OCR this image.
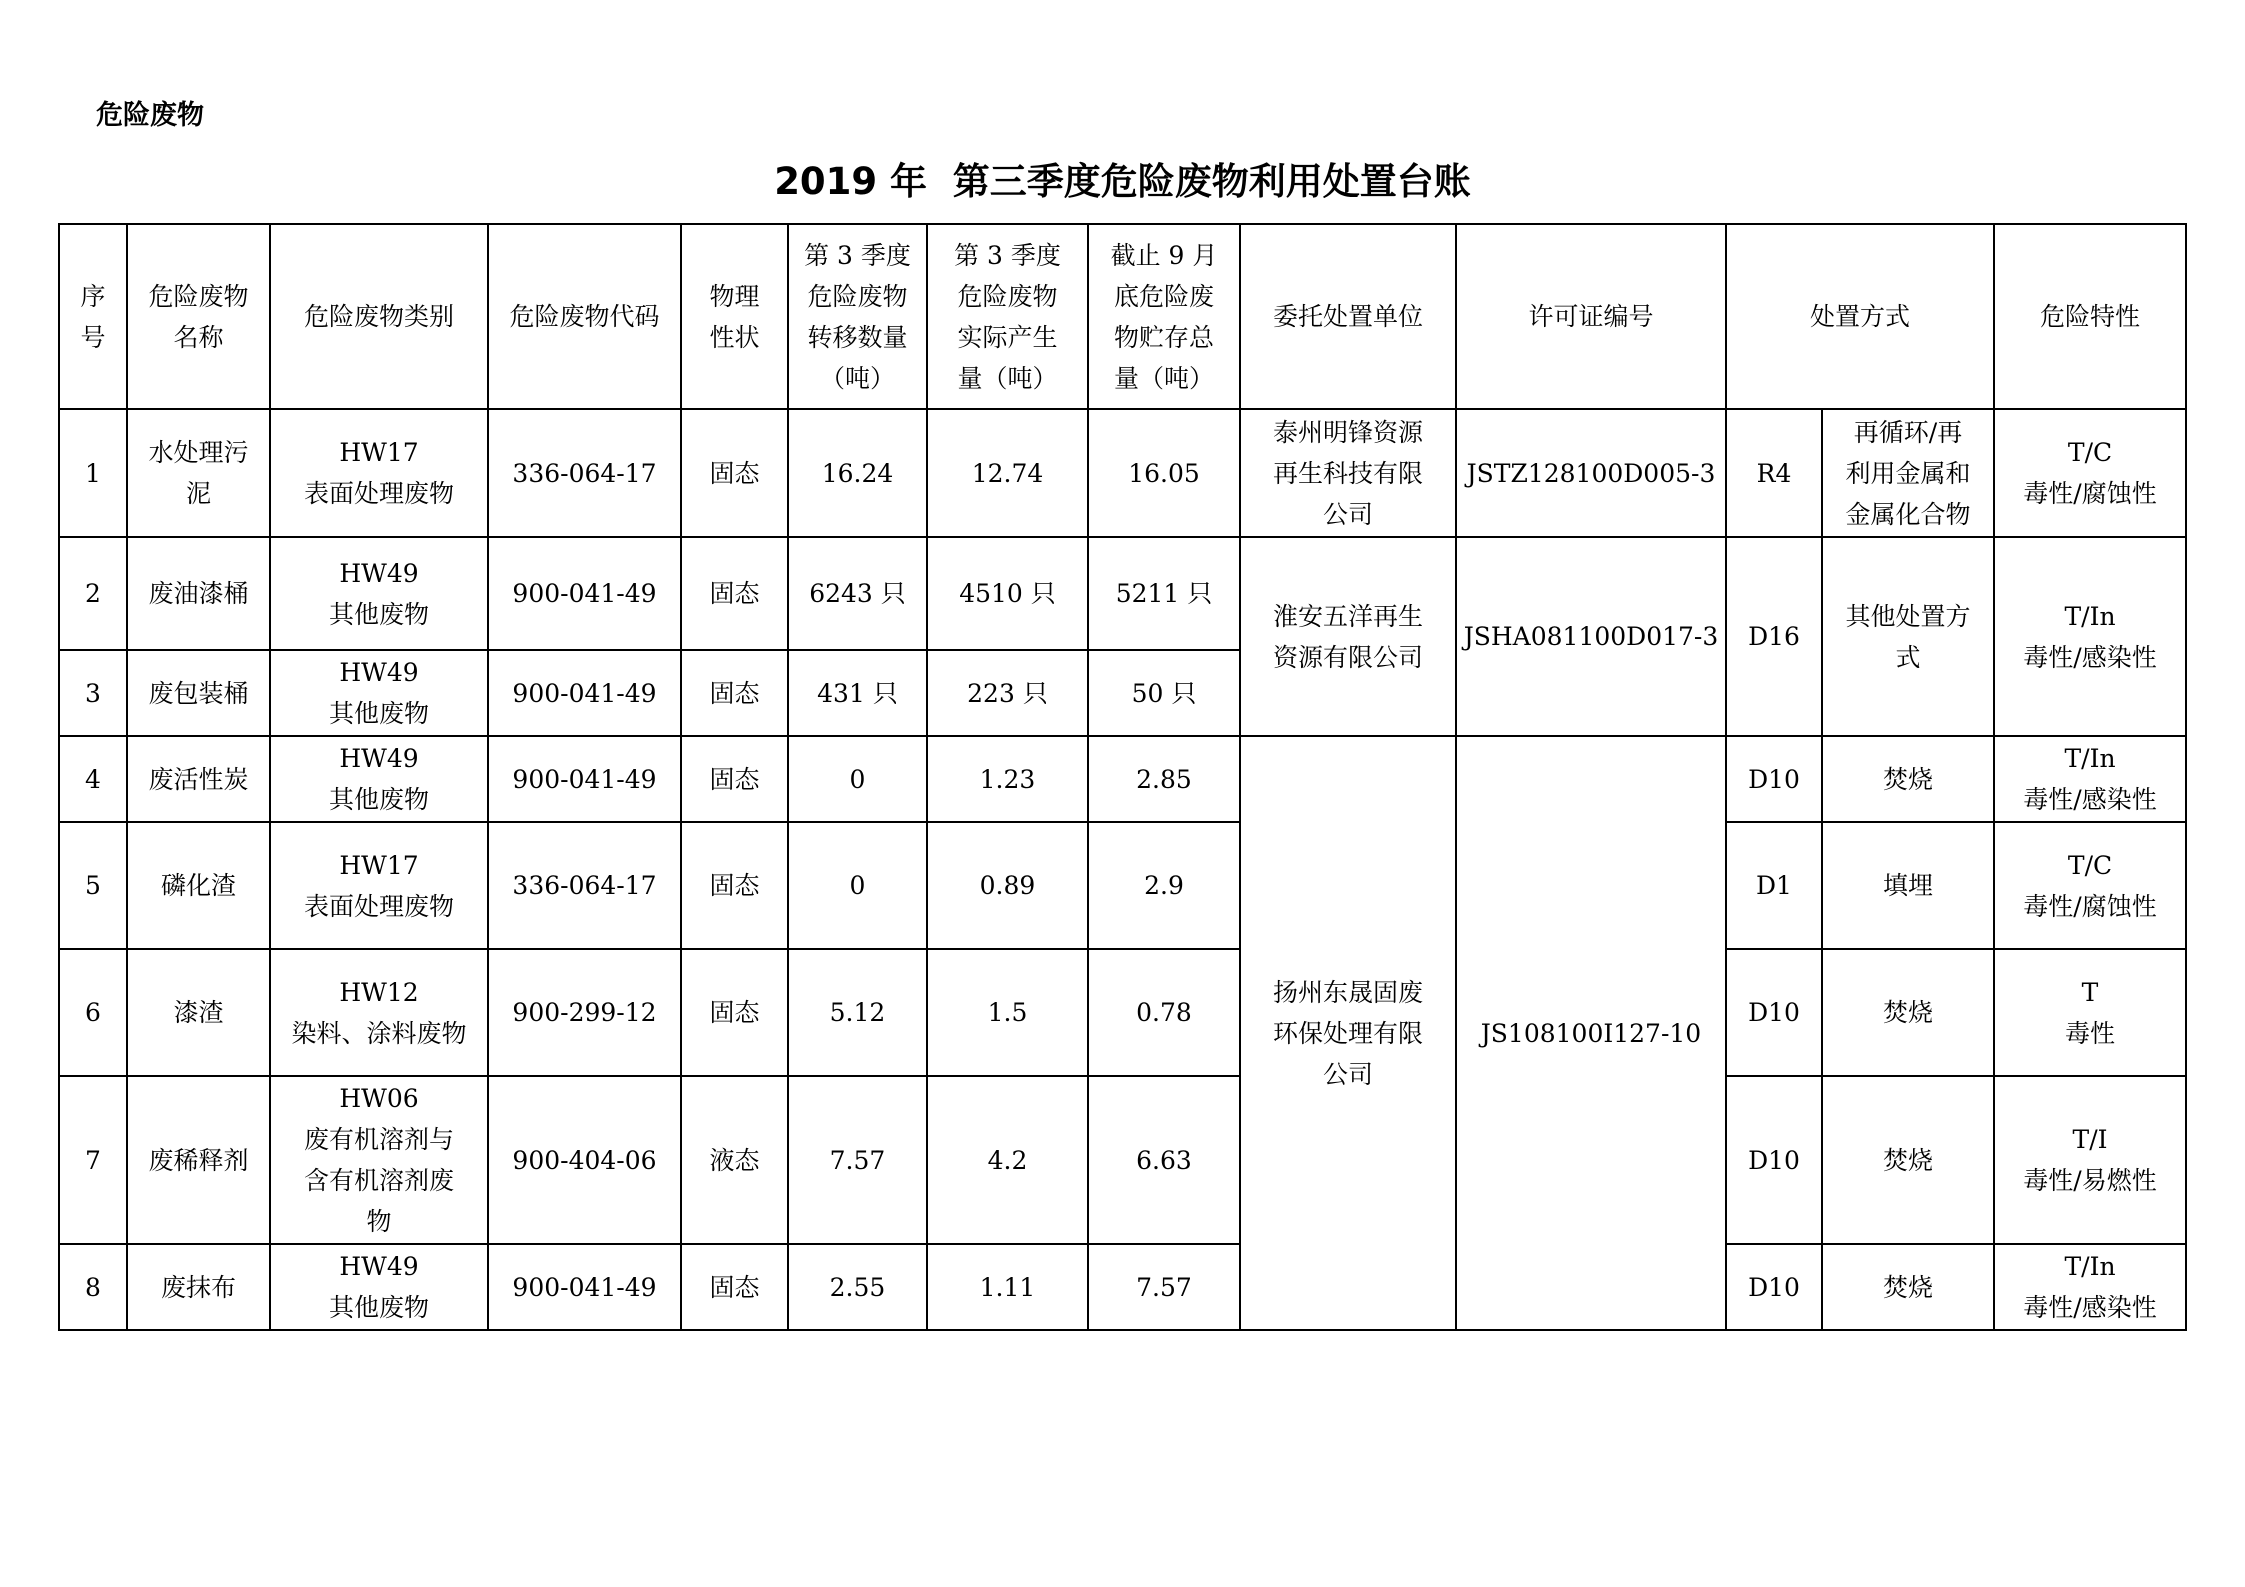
危险废物
2019 年  第三季度危险废物利用处置台账
序
号	危险废物
名称	危险废物类别	危险废物代码	物理
性状	第 3 季度
危险废物
转移数量
（吨）	第 3 季度
危险废物
实际产生
量（吨）	截止 9 月
底危险废
物贮存总
量（吨）	委托处置单位	许可证编号	处置方式		危险特性

1	水处理污
泥	HW17
表面处理废物	336-064-17	固态	16.24	12.74	16.05	泰州明锋资源
再生科技有限
公司	JSTZ128100D005-3	R4	再循环/再
利用金属和
金属化合物	T/C
毒性/腐蚀性

2	废油漆桶	HW49
其他废物	900-041-49	固态	6243 只	4510 只	5211 只	淮安五洋再生
资源有限公司	JSHA081100D017-3	D16	其他处置方
式	T/In
毒性/感染性

3	废包装桶	HW49
其他废物	900-041-49	固态	431 只	223 只	50 只					
4	废活性炭	HW49
其他废物	900-041-49	固态	0	1.23	2.85	扬州东晟固废
环保处理有限
公司	JS108100I127-10	D10	焚烧	T/In
毒性/感染性

5	磷化渣	HW17
表面处理废物	336-064-17	固态	0	0.89	2.9			D1	填埋	T/C
毒性/腐蚀性

6	漆渣	HW12
染料、涂料废物	900-299-12	固态	5.12	1.5	0.78			D10	焚烧	T
毒性

7	废稀释剂	HW06
废有机溶剂与
含有机溶剂废
物	900-404-06	液态	7.57	4.2	6.63			D10	焚烧	T/I
毒性/易燃性

8	废抹布	HW49
其他废物	900-041-49	固态	2.55	1.11	7.57			D10	焚烧	T/In
毒性/感染性
